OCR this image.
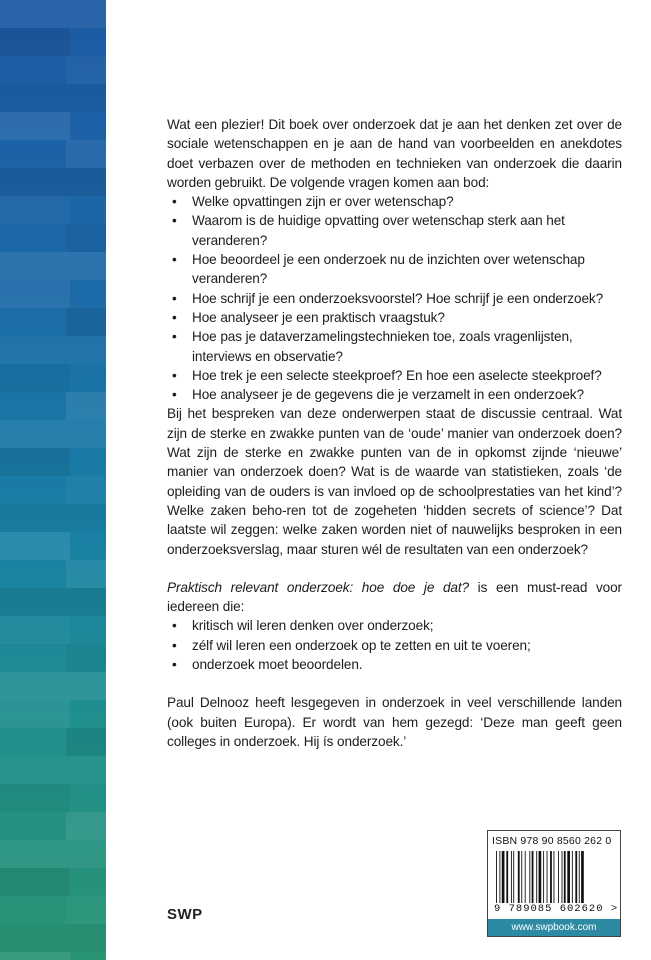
Wat een plezier! Dit boek over onderzoek dat je aan het denken zet over de sociale wetenschappen en je aan de hand van voorbeelden en anekdotes doet verbazen over de methoden en technieken van onderzoek die daarin worden gebruikt. De volgende vragen komen aan bod:

• Welke opvattingen zijn er over wetenschap?
• Waarom is de huidige opvatting over wetenschap sterk aan het veranderen?
• Hoe beoordeel je een onderzoek nu de inzichten over wetenschap veranderen?
• Hoe schrijf je een onderzoeksvoorstel? Hoe schrijf je een onderzoek?
• Hoe analyseer je een praktisch vraagstuk?
• Hoe pas je dataverzamelingstechnieken toe, zoals vragenlijsten, interviews en observatie?
• Hoe trek je een selecte steekproef? En hoe een aselecte steekproef?
• Hoe analyseer je de gegevens die je verzamelt in een onderzoek?

Bij het bespreken van deze onderwerpen staat de discussie centraal. Wat zijn de sterke en zwakke punten van de ‘oude’ manier van onderzoek doen? Wat zijn de sterke en zwakke punten van de in opkomst zijnde ‘nieuwe’ manier van onderzoek doen? Wat is de waarde van statistieken, zoals ‘de opleiding van de ouders is van invloed op de schoolprestaties van het kind’? Welke zaken beho-ren tot de zogeheten ‘hidden secrets of science’? Dat laatste wil zeggen: welke zaken worden niet of nauwelijks besproken in een onderzoeksverslag, maar sturen wél de resultaten van een onderzoek?

Praktisch relevant onderzoek: hoe doe je dat? is een must-read voor iedereen die:

• kritisch wil leren denken over onderzoek;
• zélf wil leren een onderzoek op te zetten en uit te voeren;
• onderzoek moet beoordelen.

Paul Delnooz heeft lesgegeven in onderzoek in veel verschillende landen (ook buiten Europa). Er wordt van hem gezegd: ‘Deze man geeft geen colleges in onderzoek. Hij ís onderzoek.’

SWP
ISBN 978 90 8560 262 0
9 789085 602620 >
www.swpbook.com
